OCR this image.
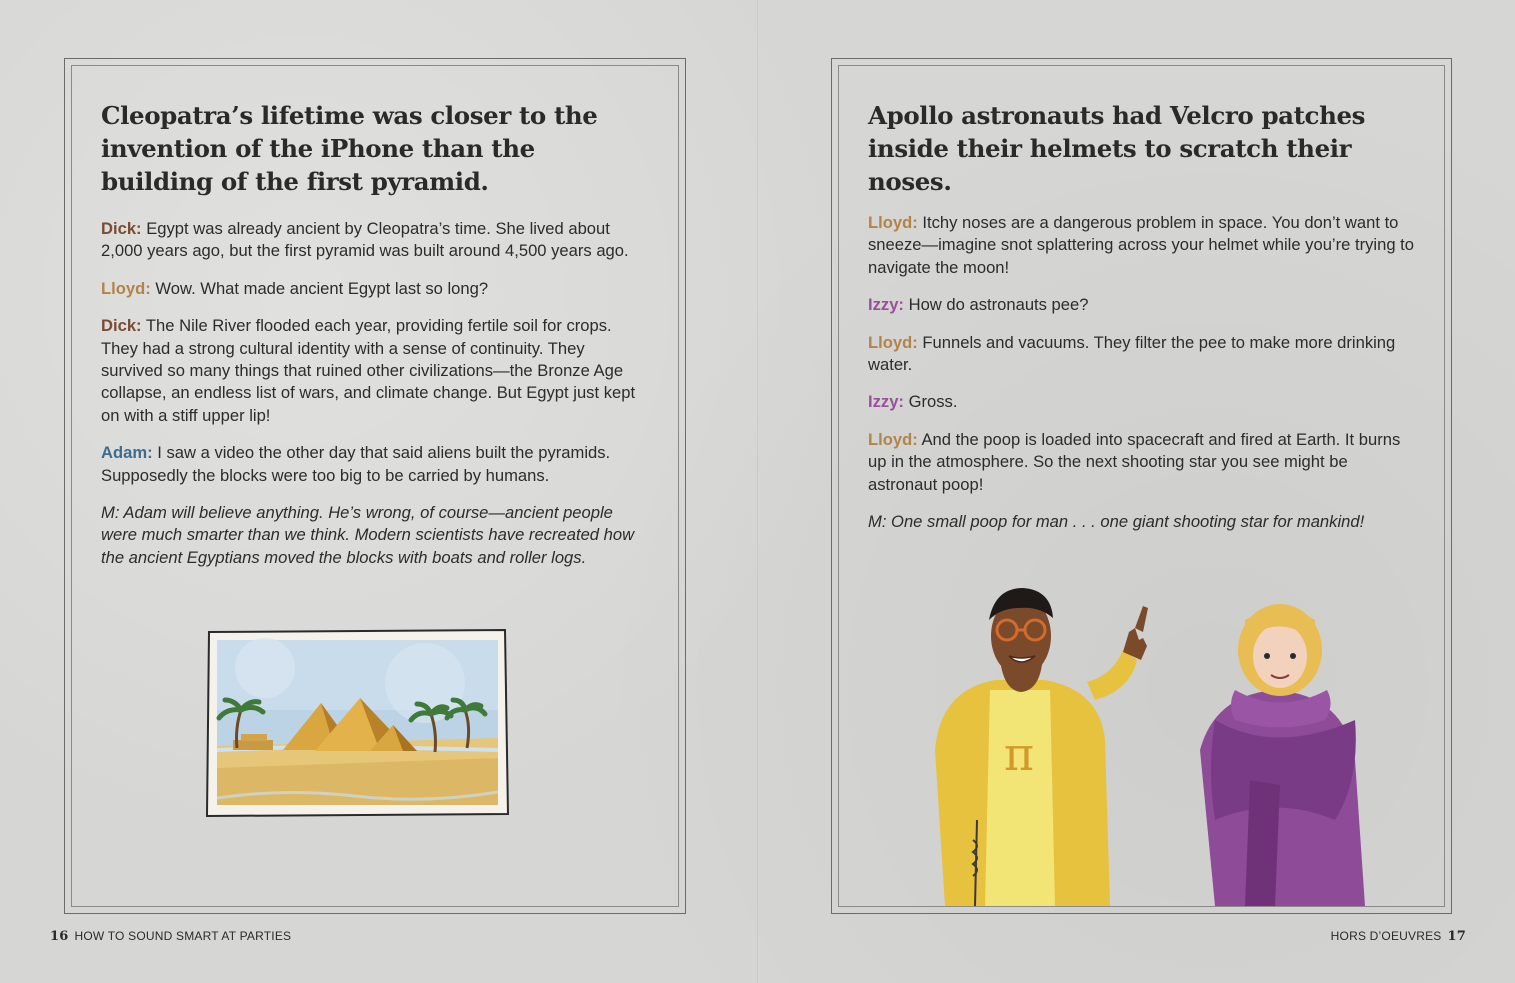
Cleopatra’s lifetime was closer to the invention of the iPhone than the building of the first pyramid.

Dick: Egypt was already ancient by Cleopatra’s time. She lived about 2,000 years ago, but the first pyramid was built around 4,500 years ago.

Lloyd: Wow. What made ancient Egypt last so long?

Dick: The Nile River flooded each year, providing fertile soil for crops. They had a strong cultural identity with a sense of continuity. They survived so many things that ruined other civilizations—the Bronze Age collapse, an endless list of wars, and climate change. But Egypt just kept on with a stiff upper lip!

Adam: I saw a video the other day that said aliens built the pyramids. Supposedly the blocks were too big to be carried by humans.

M: Adam will believe anything. He’s wrong, of course—ancient people were much smarter than we think. Modern scientists have recreated how the ancient Egyptians moved the blocks with boats and roller logs.

16 HOW TO SOUND SMART AT PARTIES
Apollo astronauts had Velcro patches inside their helmets to scratch their noses.

Lloyd: Itchy noses are a dangerous problem in space. You don’t want to sneeze—imagine snot splattering across your helmet while you’re trying to navigate the moon!

Izzy: How do astronauts pee?

Lloyd: Funnels and vacuums. They filter the pee to make more drinking water.

Izzy: Gross.

Lloyd: And the poop is loaded into spacecraft and fired at Earth. It burns up in the atmosphere. So the next shooting star you see might be astronaut poop!

M: One small poop for man . . . one giant shooting star for mankind!

π
HORS D’OEUVRES 17
